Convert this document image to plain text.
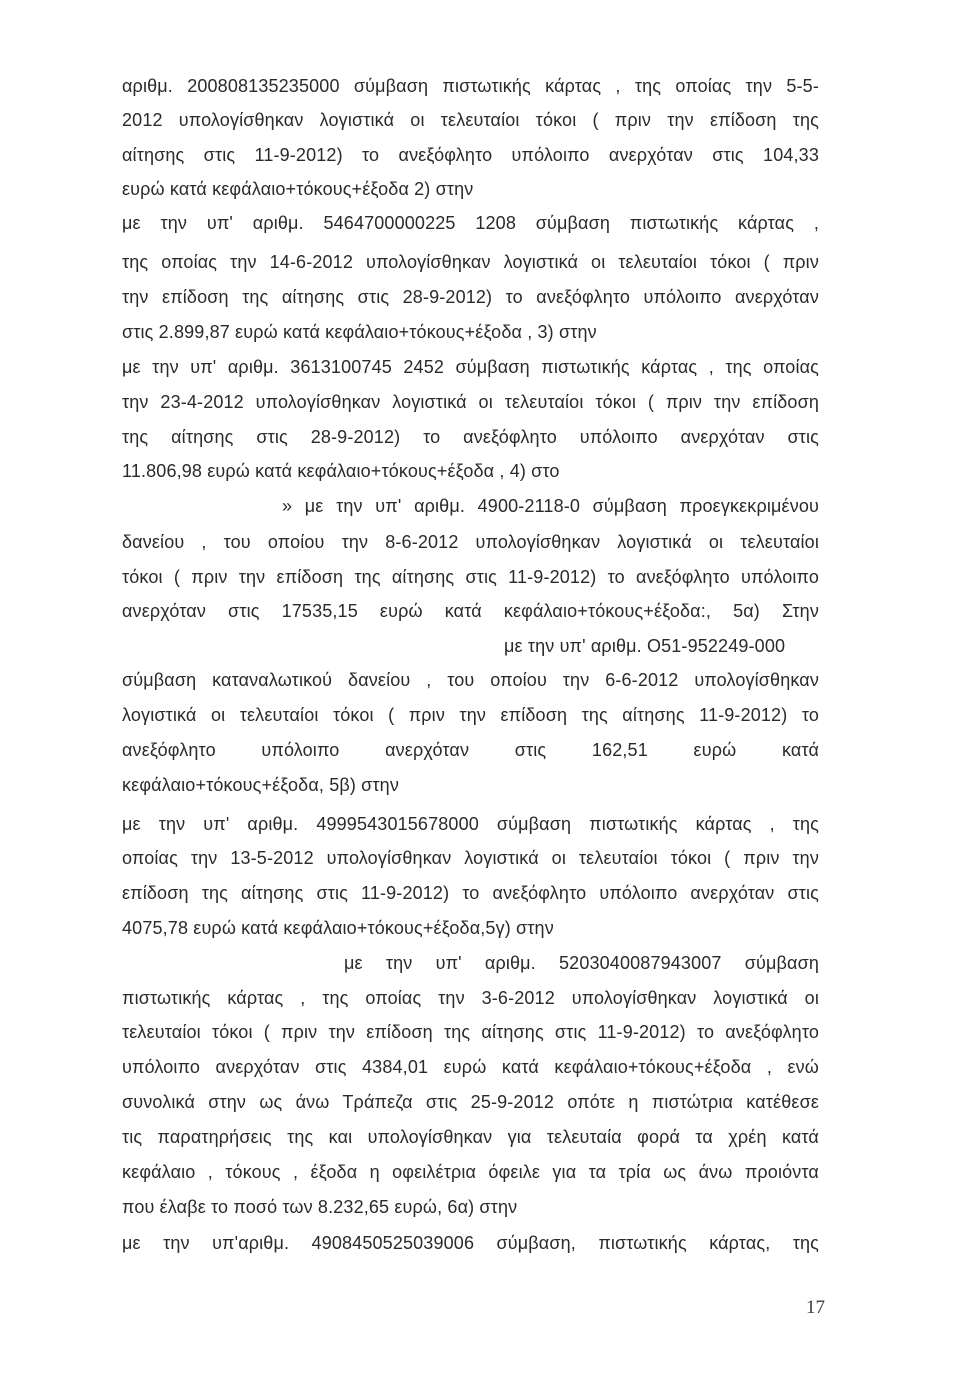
αριθμ. 200808135235000 σύμβαση πιστωτικής κάρτας , της οποίας την 5-5-
2012 υπολογίσθηκαν λογιστικά οι τελευταίοι τόκοι ( πριν την επίδοση της
αίτησης στις 11-9-2012) το ανεξόφλητο υπόλοιπο ανερχόταν στις 104,33
ευρώ κατά κεφάλαιο+τόκους+έξοδα 2) στην
με την υπ' αριθμ. 5464700000225 1208 σύμβαση πιστωτικής κάρτας ,
της οποίας την 14-6-2012 υπολογίσθηκαν λογιστικά οι τελευταίοι τόκοι ( πριν
την επίδοση της αίτησης στις 28-9-2012) το ανεξόφλητο υπόλοιπο ανερχόταν
στις 2.899,87 ευρώ κατά κεφάλαιο+τόκους+έξοδα , 3) στην
με την υπ' αριθμ. 3613100745 2452 σύμβαση πιστωτικής κάρτας , της οποίας
την 23-4-2012 υπολογίσθηκαν λογιστικά οι τελευταίοι τόκοι ( πριν την επίδοση
της αίτησης στις 28-9-2012) το ανεξόφλητο υπόλοιπο ανερχόταν στις
11.806,98 ευρώ κατά κεφάλαιο+τόκους+έξοδα , 4) στο
» με την υπ' αριθμ. 4900-2118-0 σύμβαση προεγκεκριμένου
δανείου , του οποίου την 8-6-2012 υπολογίσθηκαν λογιστικά οι τελευταίοι
τόκοι ( πριν την επίδοση της αίτησης στις 11-9-2012) το ανεξόφλητο υπόλοιπο
ανερχόταν στις 17535,15 ευρώ κατά κεφάλαιο+τόκους+έξοδα:, 5α) Στην
με την υπ' αριθμ. O51-952249-000
σύμβαση καταναλωτικού δανείου , του οποίου την 6-6-2012 υπολογίσθηκαν
λογιστικά οι τελευταίοι τόκοι ( πριν την επίδοση της αίτησης 11-9-2012) το
ανεξόφλητο υπόλοιπο ανερχόταν στις 162,51 ευρώ κατά
κεφάλαιο+τόκους+έξοδα, 5β) στην
με την υπ' αριθμ. 4999543015678000 σύμβαση πιστωτικής κάρτας , της
οποίας την 13-5-2012 υπολογίσθηκαν λογιστικά οι τελευταίοι τόκοι ( πριν την
επίδοση της αίτησης στις 11-9-2012) το ανεξόφλητο υπόλοιπο ανερχόταν στις
4075,78 ευρώ κατά κεφάλαιο+τόκους+έξοδα,5γ) στην
με την υπ' αριθμ. 5203040087943007 σύμβαση
πιστωτικής κάρτας , της οποίας την 3-6-2012 υπολογίσθηκαν λογιστικά οι
τελευταίοι τόκοι ( πριν την επίδοση της αίτησης στις 11-9-2012) το ανεξόφλητο
υπόλοιπο ανερχόταν στις 4384,01 ευρώ κατά κεφάλαιο+τόκους+έξοδα , ενώ
συνολικά στην ως άνω Τράπεζα στις 25-9-2012 οπότε η πιστώτρια κατέθεσε
τις παρατηρήσεις της και υπολογίσθηκαν για τελευταία φορά τα χρέη κατά
κεφάλαιο , τόκους , έξοδα η οφειλέτρια όφειλε για τα τρία ως άνω προιόντα
που έλαβε το ποσό των 8.232,65 ευρώ, 6α) στην
με την υπ'αριθμ. 4908450525039006 σύμβαση, πιστωτικής κάρτας, της
17
